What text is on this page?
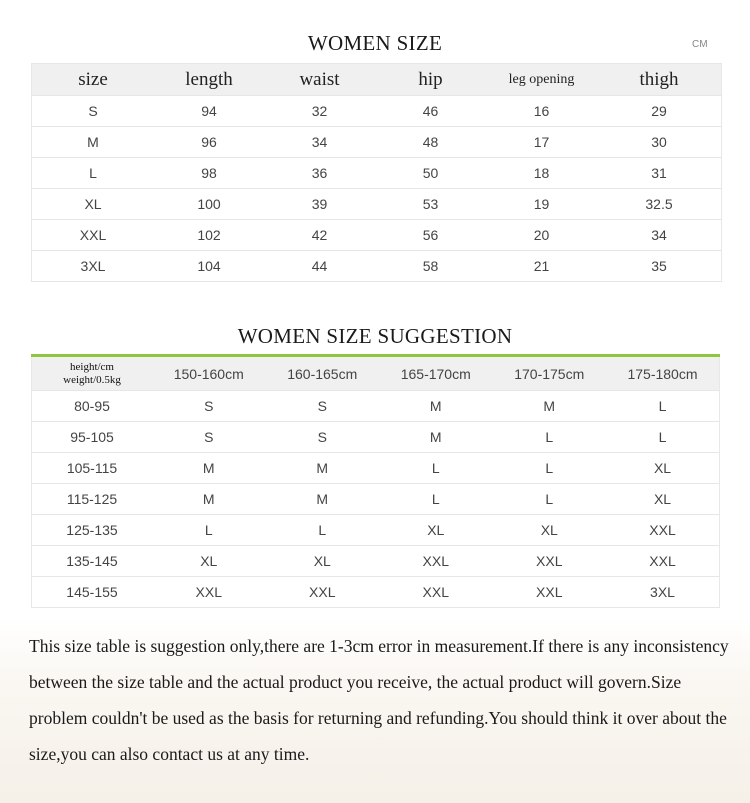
WOMEN SIZE	CM
size	length	waist	hip	leg opening	thigh
S	94	32	46	16	29
M	96	34	48	17	30
L	98	36	50	18	31
XL	100	39	53	19	32.5
XXL	102	42	56	20	34
3XL	104	44	58	21	35
WOMEN SIZE SUGGESTION
height/cm
weight/0.5kg	150-160cm	160-165cm	165-170cm	170-175cm	175-180cm
80-95	S	S	M	M	L
95-105	S	S	M	L	L
105-115	M	M	L	L	XL
115-125	M	M	L	L	XL
125-135	L	L	XL	XL	XXL
135-145	XL	XL	XXL	XXL	XXL
145-155	XXL	XXL	XXL	XXL	3XL

This size table is suggestion only,there are 1-3cm error in measurement.If there is any inconsistency between the size table and the actual product you receive, the actual product will govern.Size problem couldn't be used as the basis for returning and refunding.You should think it over about the size,you can also contact us at any time.
